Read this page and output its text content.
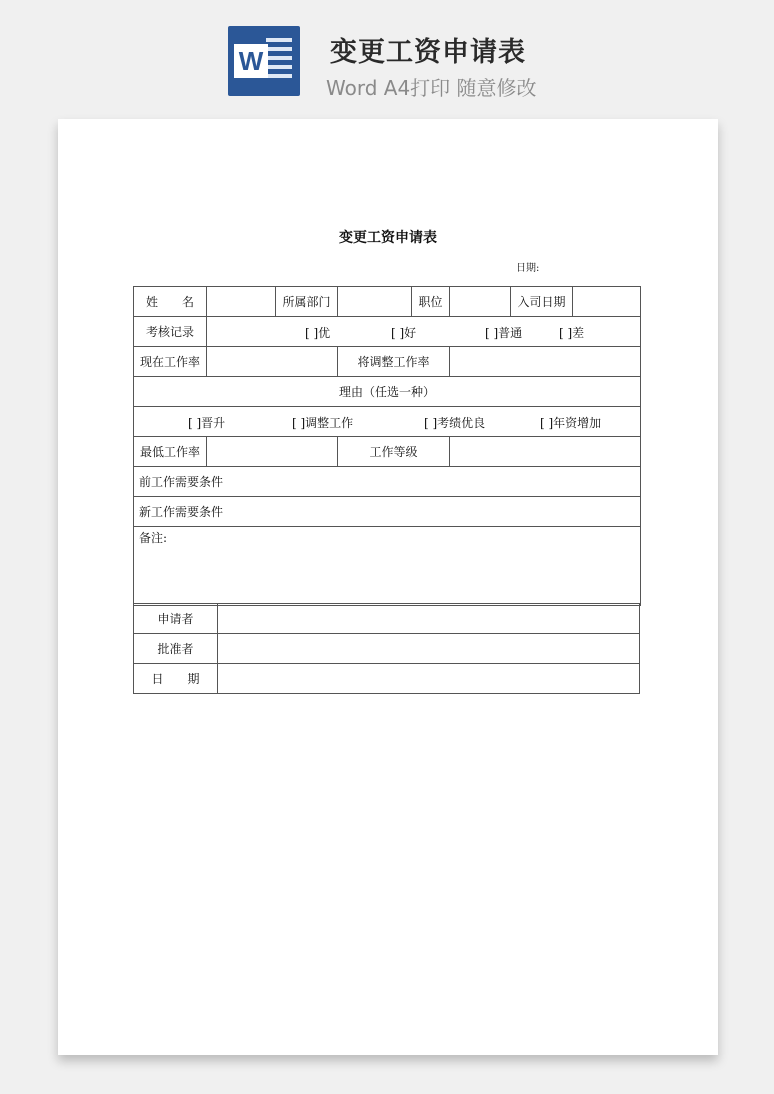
W 变更工资申请表
Word A4打印 随意修改
变更工资申请表
日期:
姓　　名		所属部门		职位		入司日期	
考核记录	[ ]优 [ ]好 [ ]普通 [ ]差						

现在工作率			将调整工作率				
理由（任选一种）							

[ ]晋升 [ ]调整工作 [ ]考绩优良 [ ]年资增加							

最低工作率			工作等级				
前工作需要条件							
新工作需要条件							
备注:							
申请者	
批准者	
日　　期	
